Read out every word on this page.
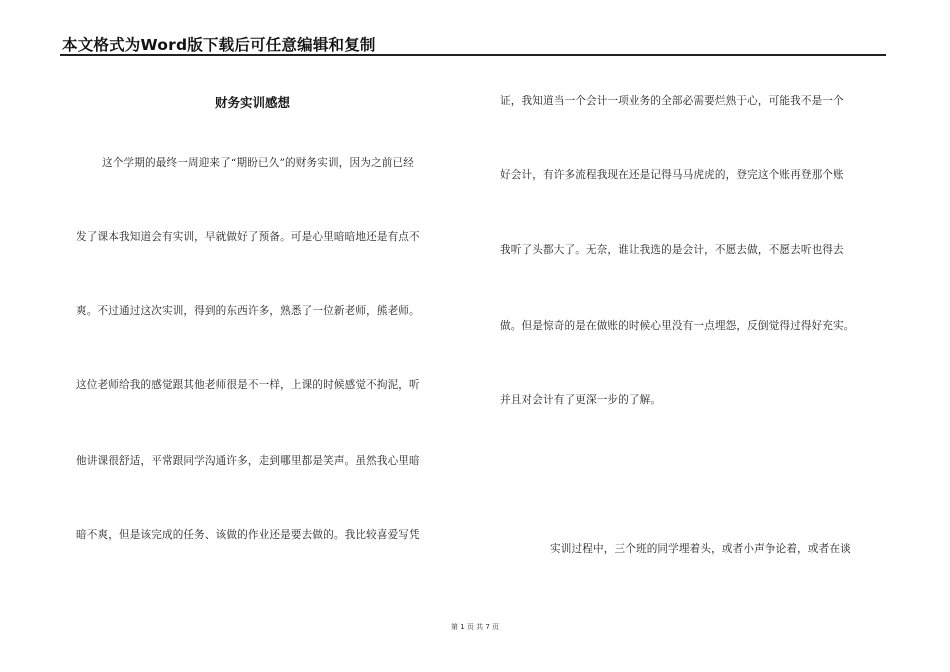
本文格式为Word版下载后可任意编辑和复制
财务实训感想
这个学期的最终一周迎来了“期盼已久”的财务实训，因为之前已经
发了课本我知道会有实训，早就做好了预备。可是心里暗暗地还是有点不
爽。不过通过这次实训，得到的东西许多，熟悉了一位新老师，熊老师。
这位老师给我的感觉跟其他老师很是不一样，上课的时候感觉不拘泥，听
他讲课很舒适，平常跟同学沟通许多，走到哪里都是笑声。虽然我心里暗
暗不爽，但是该完成的任务、该做的作业还是要去做的。我比较喜爱写凭
证，我知道当一个会计一项业务的全部必需要烂熟于心，可能我不是一个
好会计，有许多流程我现在还是记得马马虎虎的，登完这个账再登那个账
我听了头都大了。无奈，谁让我选的是会计，不愿去做，不愿去听也得去
做。但是惊奇的是在做账的时候心里没有一点埋怨，反倒觉得过得好充实。
并且对会计有了更深一步的了解。
实训过程中，三个班的同学埋着头，或者小声争论着，或者在谈
第 1 页 共 7 页
